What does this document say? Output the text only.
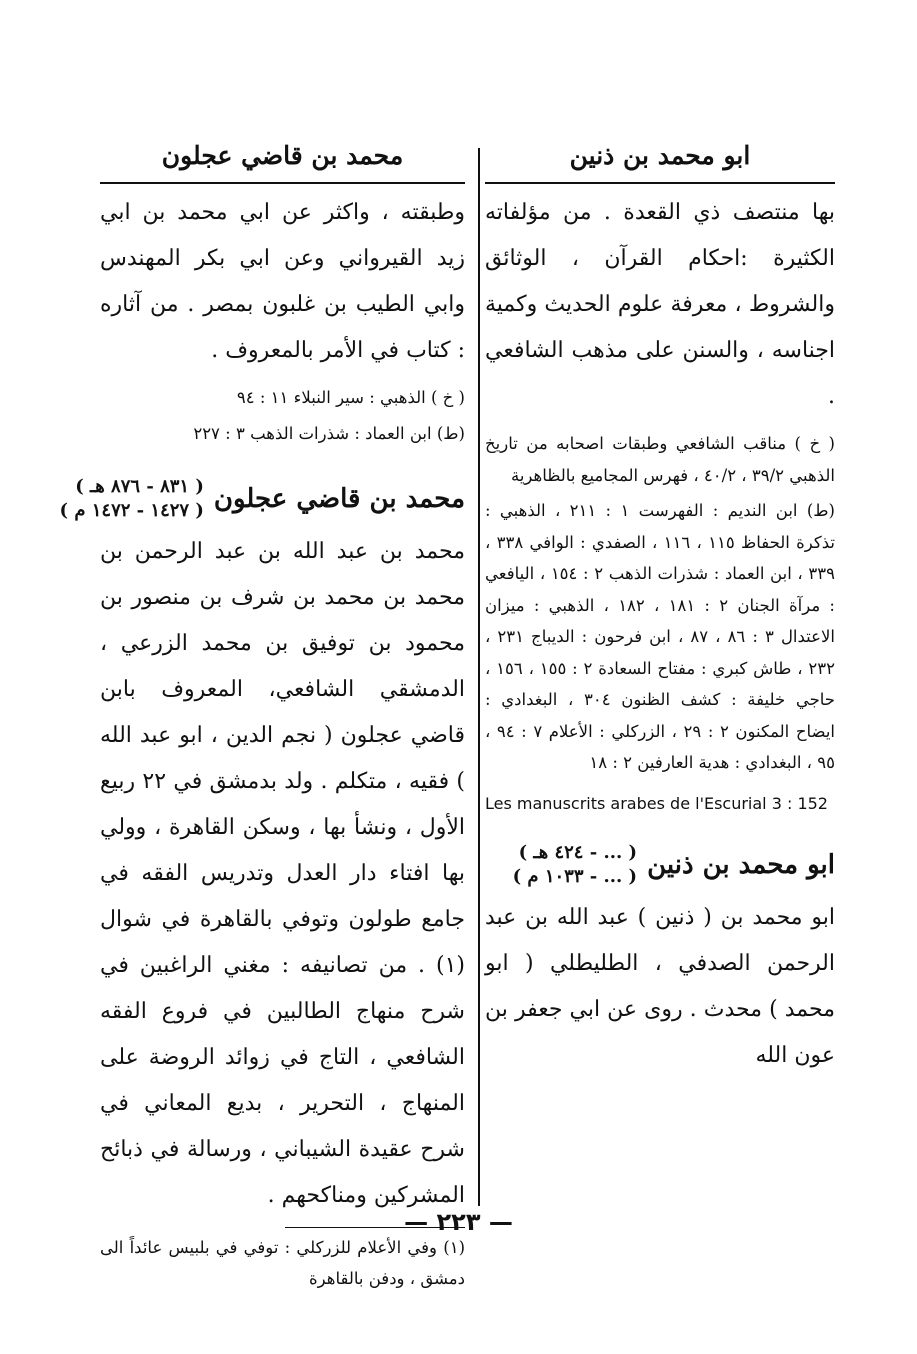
ابو محمد بن ذنين

بها منتصف ذي القعدة . من مؤلفاته الكثيرة :احكام القرآن ، الوثائق والشروط ، معرفة علوم الحديث وكمية اجناسه ، والسنن على مذهب الشافعي .

( خ ) مناقب الشافعي وطبقات اصحابه من تاريخ الذهبي ٣٩/٢ ، ٤٠/٢ ، فهرس المجاميع بالظاهرية

(ط) ابن النديم : الفهرست ١ : ٢١١ ، الذهبي : تذكرة الحفاظ ١١٥ ، ١١٦ ، الصفدي : الوافي ٣٣٨ ، ٣٣٩ ، ابن العماد : شذرات الذهب ٢ : ١٥٤ ، اليافعي : مرآة الجنان ٢ : ١٨١ ، ١٨٢ ، الذهبي : ميزان الاعتدال ٣ : ٨٦ ، ٨٧ ، ابن فرحون : الديباج ٢٣١ ، ٢٣٢ ، طاش كبري : مفتاح السعادة ٢ : ١٥٥ ، ١٥٦ ، حاجي خليفة : كشف الظنون ٣٠٤ ، البغدادي : ايضاح المكنون ٢ : ٢٩ ، الزركلي : الأعلام ٧ : ٩٤ ، ٩٥ ، البغدادي : هدية العارفين ٢ : ١٨

Les manuscrits arabes de l'Escurial 3 : 152

ابو محمد بن ذنين
( ... - ٤٢٤ هـ )
( ... - ١٠٣٣ م )

ابو محمد بن ( ذنين ) عبد الله بن عبد الرحمن الصدفي ، الطليطلي ( ابو محمد ) محدث . روى عن ابي جعفر بن عون الله

محمد بن قاضي عجلون

وطبقته ، واكثر عن ابي محمد بن ابي زيد القيرواني وعن ابي بكر المهندس وابي الطيب بن غلبون بمصر . من آثاره : كتاب في الأمر بالمعروف .

( خ ) الذهبي : سير النبلاء ١١ : ٩٤

(ط) ابن العماد : شذرات الذهب ٣ : ٢٢٧

محمد بن قاضي عجلون
( ٨٣١ - ٨٧٦ هـ )
( ١٤٢٧ - ١٤٧٢ م )

محمد بن عبد الله بن عبد الرحمن بن محمد بن محمد بن شرف بن منصور بن محمود بن توفيق بن محمد الزرعي ، الدمشقي الشافعي، المعروف بابن قاضي عجلون ( نجم الدين ، ابو عبد الله ) فقيه ، متكلم . ولد بدمشق في ٢٢ ربيع الأول ، ونشأ بها ، وسكن القاهرة ، وولي بها افتاء دار العدل وتدريس الفقه في جامع طولون وتوفي بالقاهرة في شوال (١) . من تصانيفه : مغني الراغبين في شرح منهاج الطالبين في فروع الفقه الشافعي ، التاج في زوائد الروضة على المنهاج ، التحرير ، بديع المعاني في شرح عقيدة الشيباني ، ورسالة في ذبائح المشركين ومناكحهم .

(١) وفي الأعلام للزركلي : توفي في بلبيس عائداً الى دمشق ، ودفن بالقاهرة

— ٢٢٣ —
